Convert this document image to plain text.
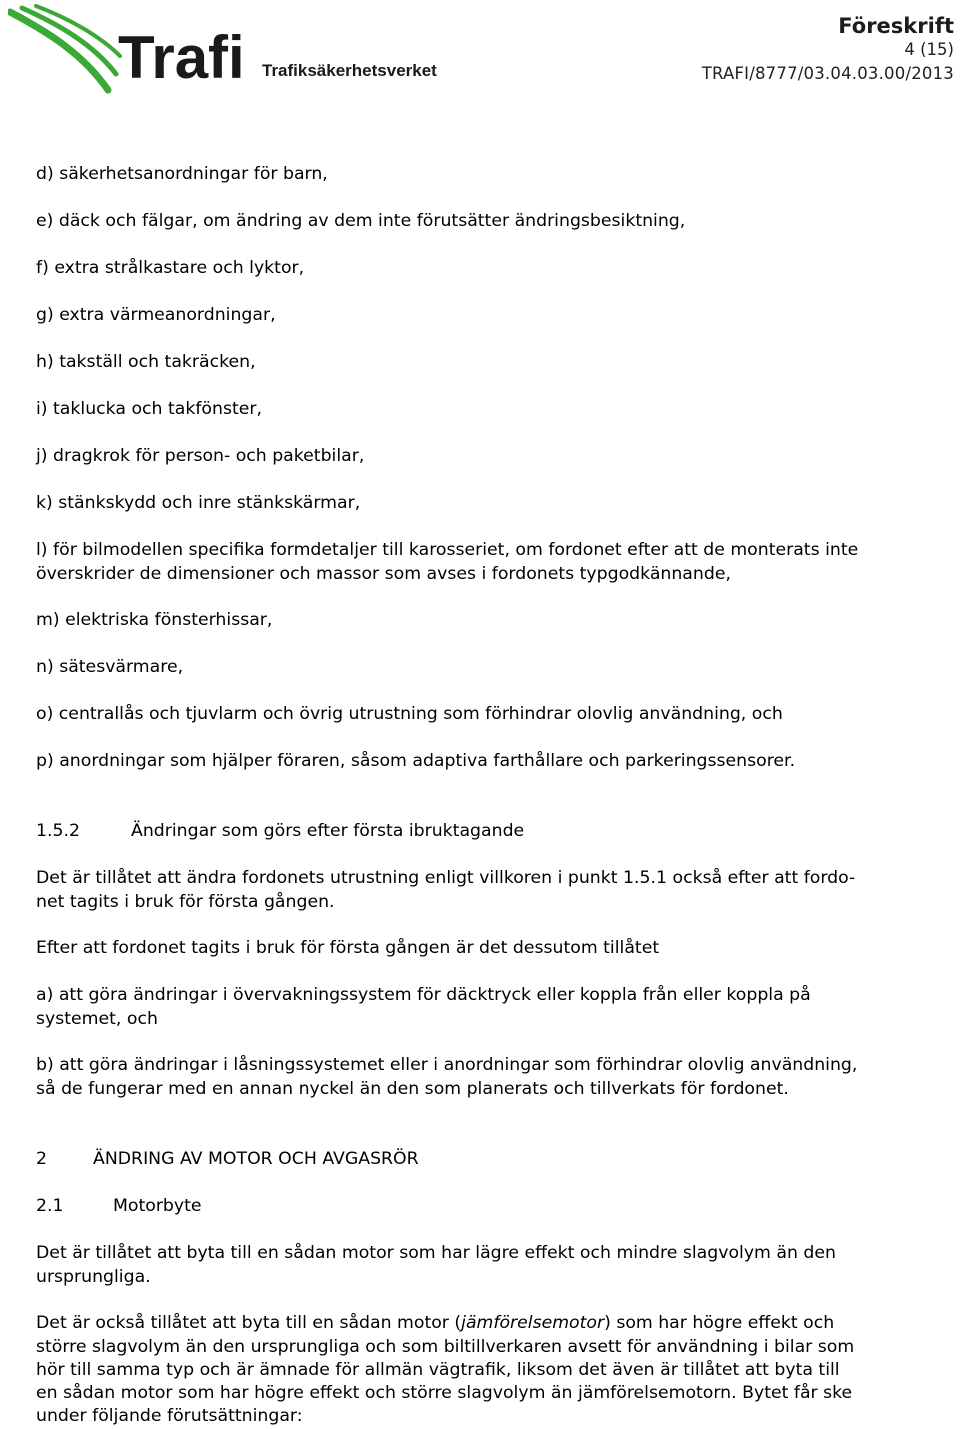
Trafi Trafiksäkerhetsverket
Föreskrift
4 (15)
TRAFI/8777/03.04.03.00/2013
d) säkerhetsanordningar för barn,
e) däck och fälgar, om ändring av dem inte förutsätter ändringsbesiktning,
f) extra strålkastare och lyktor,
g) extra värmeanordningar,
h) takställ och takräcken,
i) taklucka och takfönster,
j) dragkrok för person- och paketbilar,
k) stänkskydd och inre stänkskärmar,
l) för bilmodellen specifika formdetaljer till karosseriet, om fordonet efter att de monterats inte
överskrider de dimensioner och massor som avses i fordonets typgodkännande,
m) elektriska fönsterhissar,
n) sätesvärmare,
o) centrallås och tjuvlarm och övrig utrustning som förhindrar olovlig användning, och
p) anordningar som hjälper föraren, såsom adaptiva farthållare och parkeringssensorer.
1.5.2	Ändringar som görs efter första ibruktagande
Det är tillåtet att ändra fordonets utrustning enligt villkoren i punkt 1.5.1 också efter att fordo-
net tagits i bruk för första gången.
Efter att fordonet tagits i bruk för första gången är det dessutom tillåtet
a) att göra ändringar i övervakningssystem för däcktryck eller koppla från eller koppla på
systemet, och
b) att göra ändringar i låsningssystemet eller i anordningar som förhindrar olovlig användning,
så de fungerar med en annan nyckel än den som planerats och tillverkats för fordonet.
2	ÄNDRING AV MOTOR OCH AVGASRÖR
2.1	Motorbyte
Det är tillåtet att byta till en sådan motor som har lägre effekt och mindre slagvolym än den
ursprungliga.
Det är också tillåtet att byta till en sådan motor (jämförelsemotor) som har högre effekt och
större slagvolym än den ursprungliga och som biltillverkaren avsett för användning i bilar som
hör till samma typ och är ämnade för allmän vägtrafik, liksom det även är tillåtet att byta till
en sådan motor som har högre effekt och större slagvolym än jämförelsemotorn. Bytet får ske
under följande förutsättningar:
